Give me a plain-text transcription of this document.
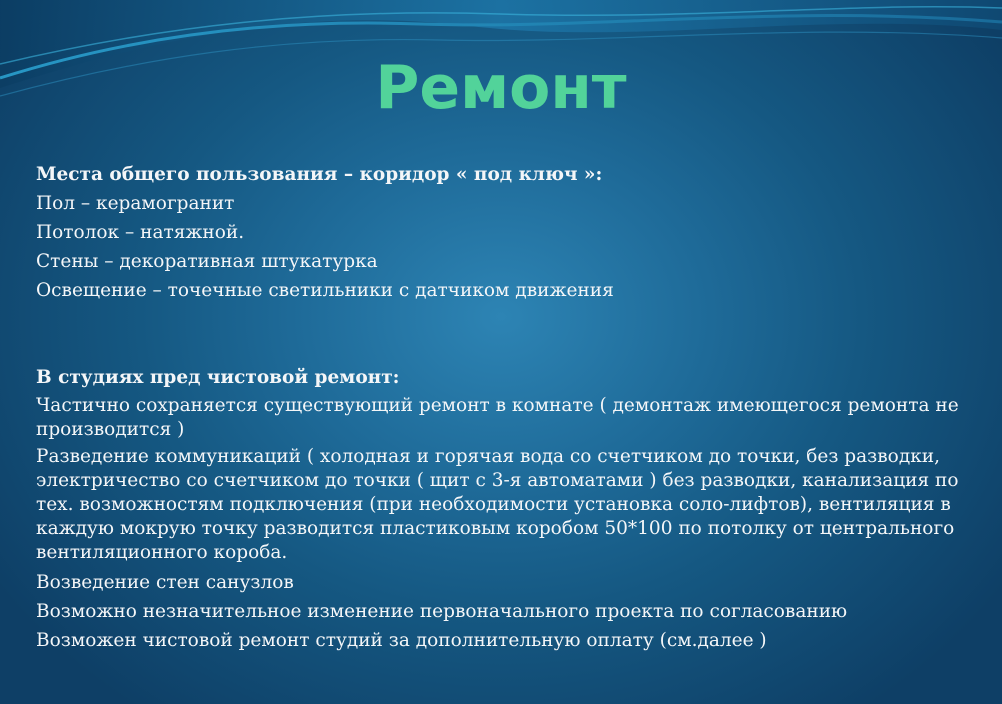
Ремонт

Места общего пользования – коридор « под ключ »:

Пол – керамогранит

Потолок – натяжной.

Стены – декоративная штукатурка

Освещение – точечные светильники с датчиком движения

В студиях пред чистовой ремонт:

Частично сохраняется существующий ремонт в комнате ( демонтаж имеющегося ремонта не производится )

Разведение коммуникаций ( холодная и горячая вода со счетчиком до точки, без разводки, электричество со счетчиком до точки ( щит с 3-я автоматами ) без разводки, канализация по тех. возможностям подключения (при необходимости установка соло-лифтов), вентиляция в каждую мокрую точку разводится пластиковым коробом 50*100 по потолку от центрального вентиляционного короба.

Возведение стен санузлов

Возможно незначительное изменение первоначального проекта по согласованию

Возможен чистовой ремонт студий за дополнительную оплату (см.далее )
